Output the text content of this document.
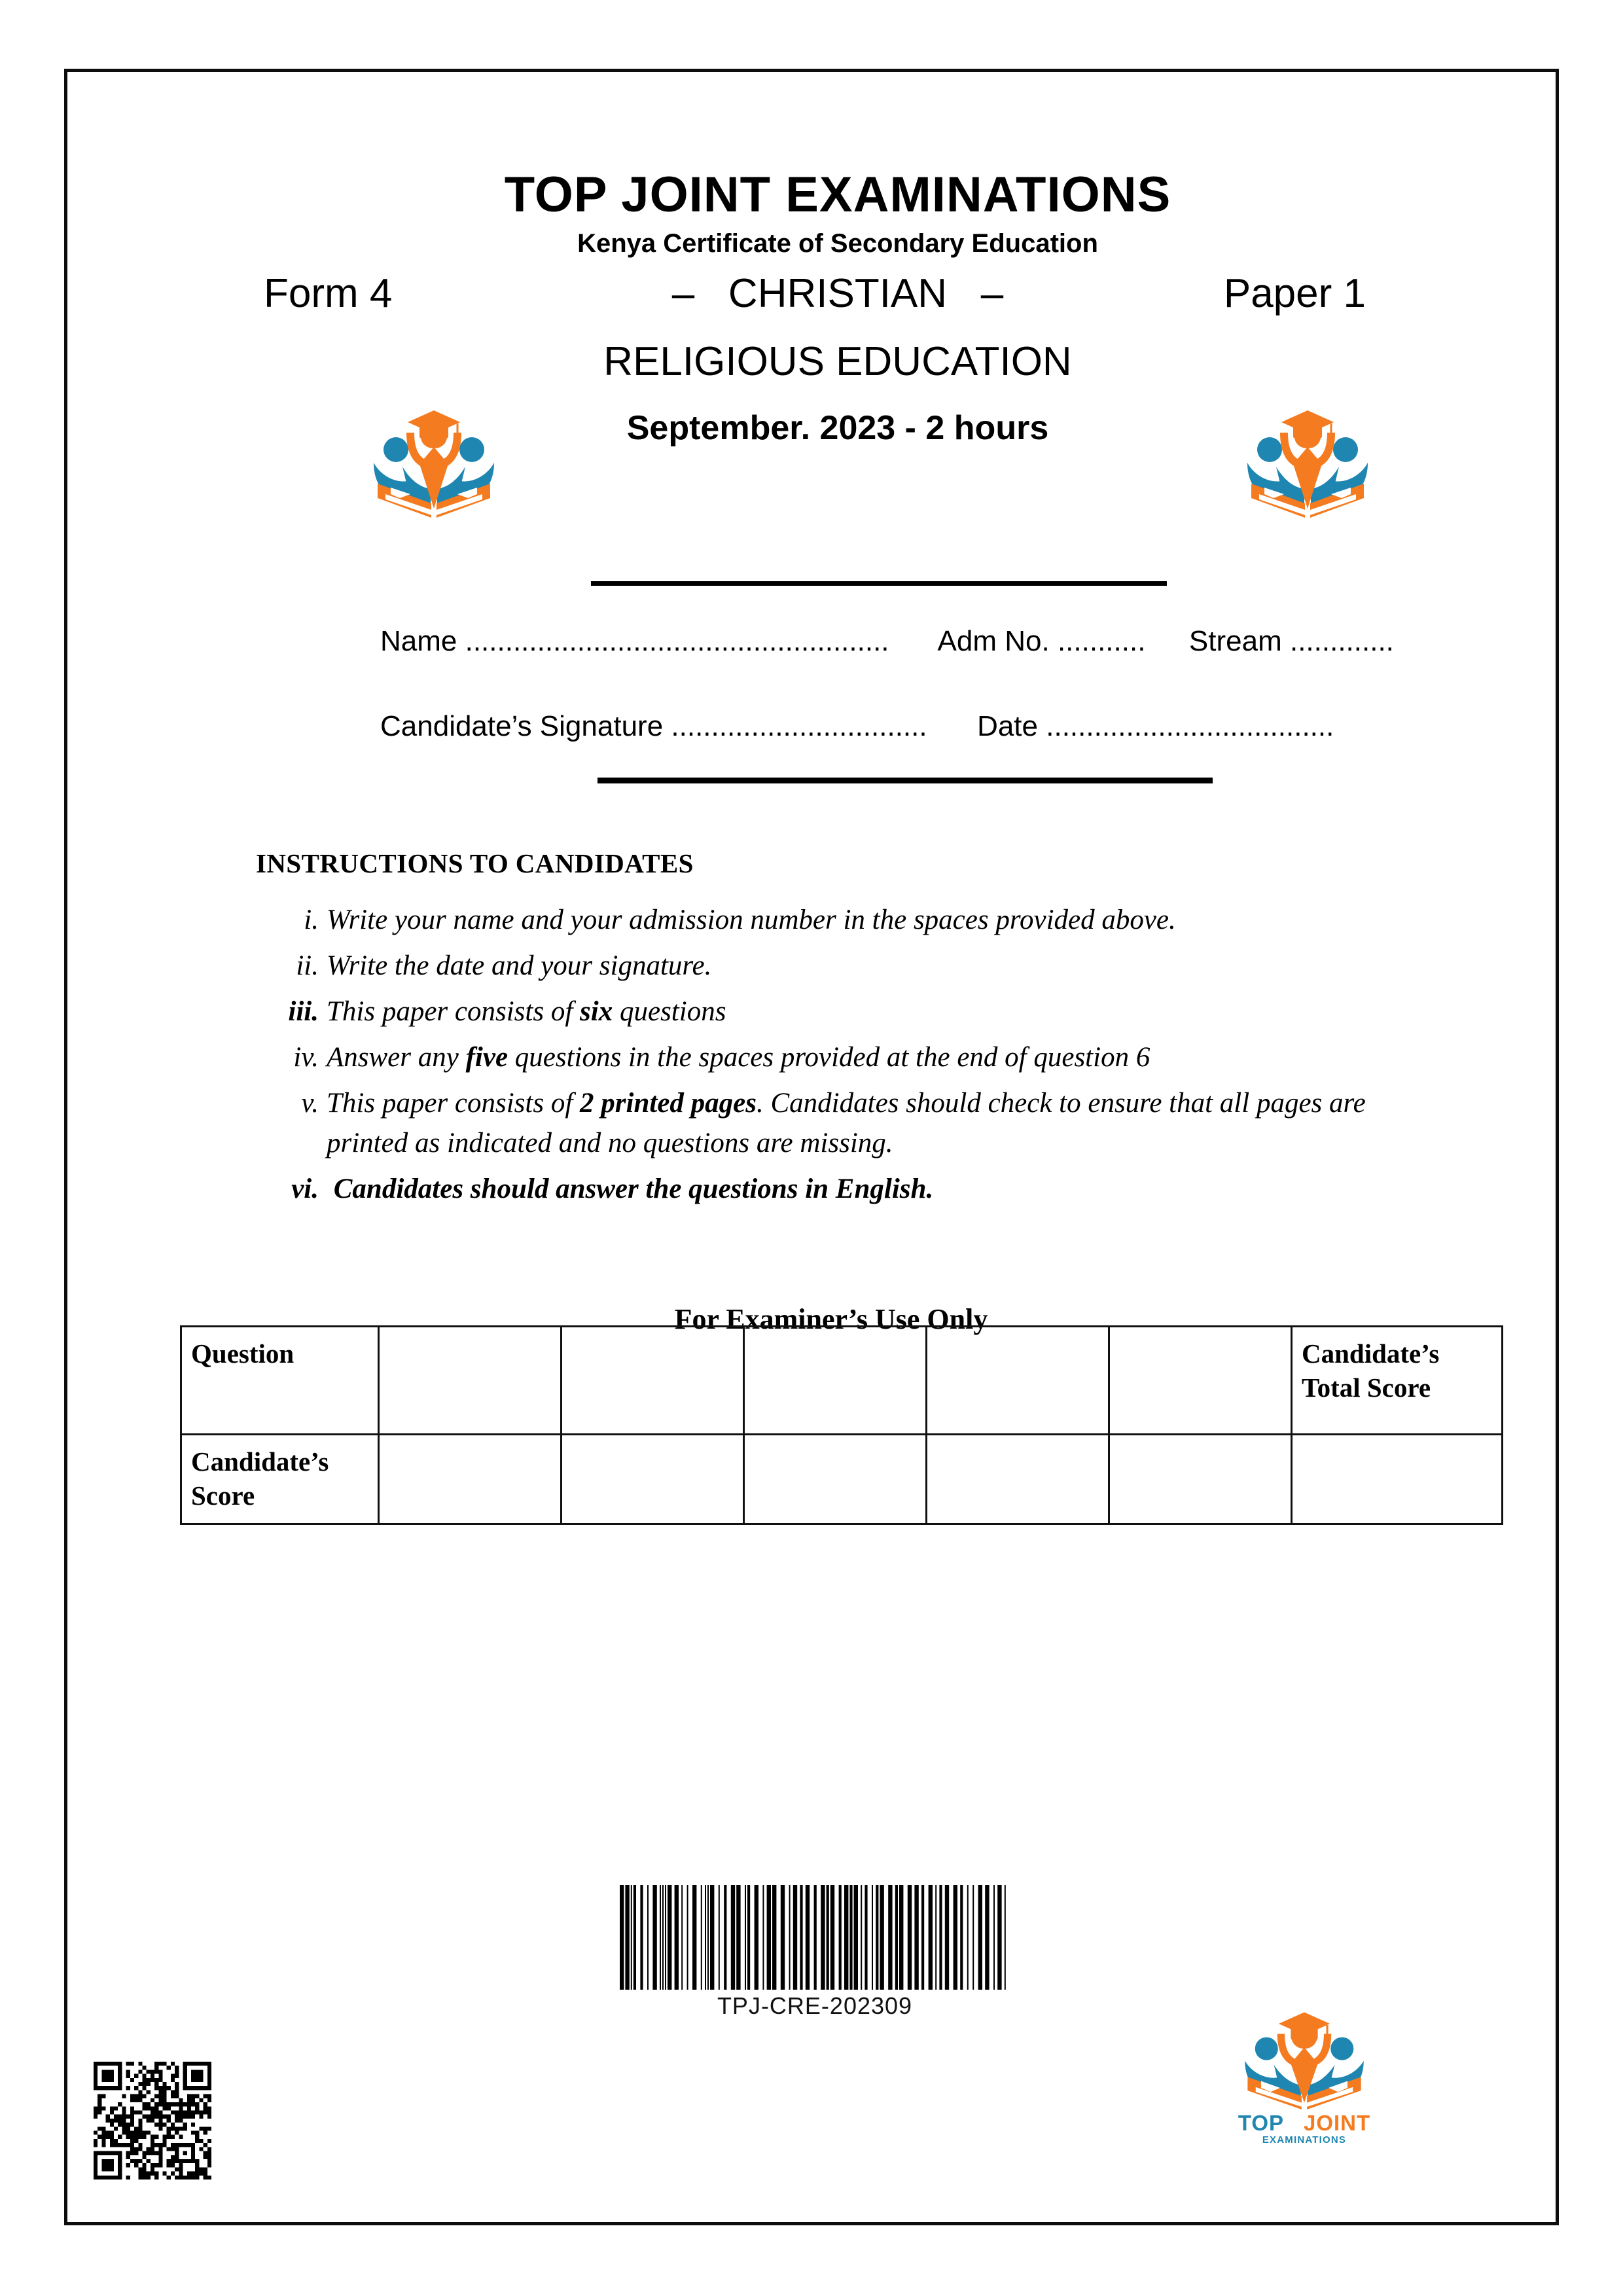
TOP JOINT EXAMINATIONS
Kenya Certificate of Secondary Education
Form 4	–   CHRISTIAN   –	Paper 1
RELIGIOUS EDUCATION
September. 2023 - 2 hours
Name ..................................................... Adm No. ........... Stream .............
Candidate’s Signature ................................ Date ....................................
INSTRUCTIONS TO CANDIDATES
i. Write your name and your admission number in the spaces provided above.
ii. Write the date and your signature.
iii. This paper consists of six questions
iv. Answer any five questions in the spaces provided at the end of question 6
v. This paper consists of 2 printed pages. Candidates should check to ensure that all pages are printed as indicated and no questions are missing.
vi. Candidates should answer the questions in English.
For Examiner’s Use Only
Question						Candidate’s Total Score
Candidate’s Score						
TPJ-CRE-202309
TOP JOINT
EXAMINATIONS
